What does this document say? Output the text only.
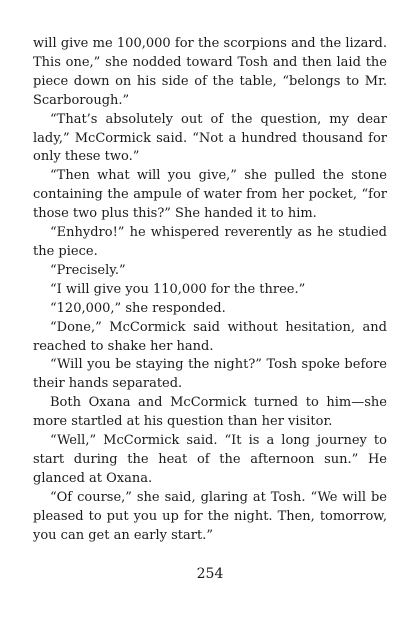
will give me 100,000 for the scorpions and the lizard. This one,” she nodded toward Tosh and then laid the piece down on his side of the table, “belongs to Mr. Scarborough.”

“That’s absolutely out of the question, my dear lady,” McCormick said. “Not a hundred thousand for only these two.”

“Then what will you give,” she pulled the stone containing the ampule of water from her pocket, “for those two plus this?” She handed it to him.

“Enhydro!” he whispered reverently as he studied the piece.

“Precisely.”

“I will give you 110,000 for the three.”

“120,000,” she responded.

“Done,” McCormick said without hesitation, and reached to shake her hand.

“Will you be staying the night?” Tosh spoke before their hands separated.

Both Oxana and McCormick turned to him—she more startled at his question than her visitor.

“Well,” McCormick said. “It is a long journey to start during the heat of the afternoon sun.” He glanced at Oxana.

“Of course,” she said, glaring at Tosh. “We will be pleased to put you up for the night. Then, tomorrow, you can get an early start.”

254
